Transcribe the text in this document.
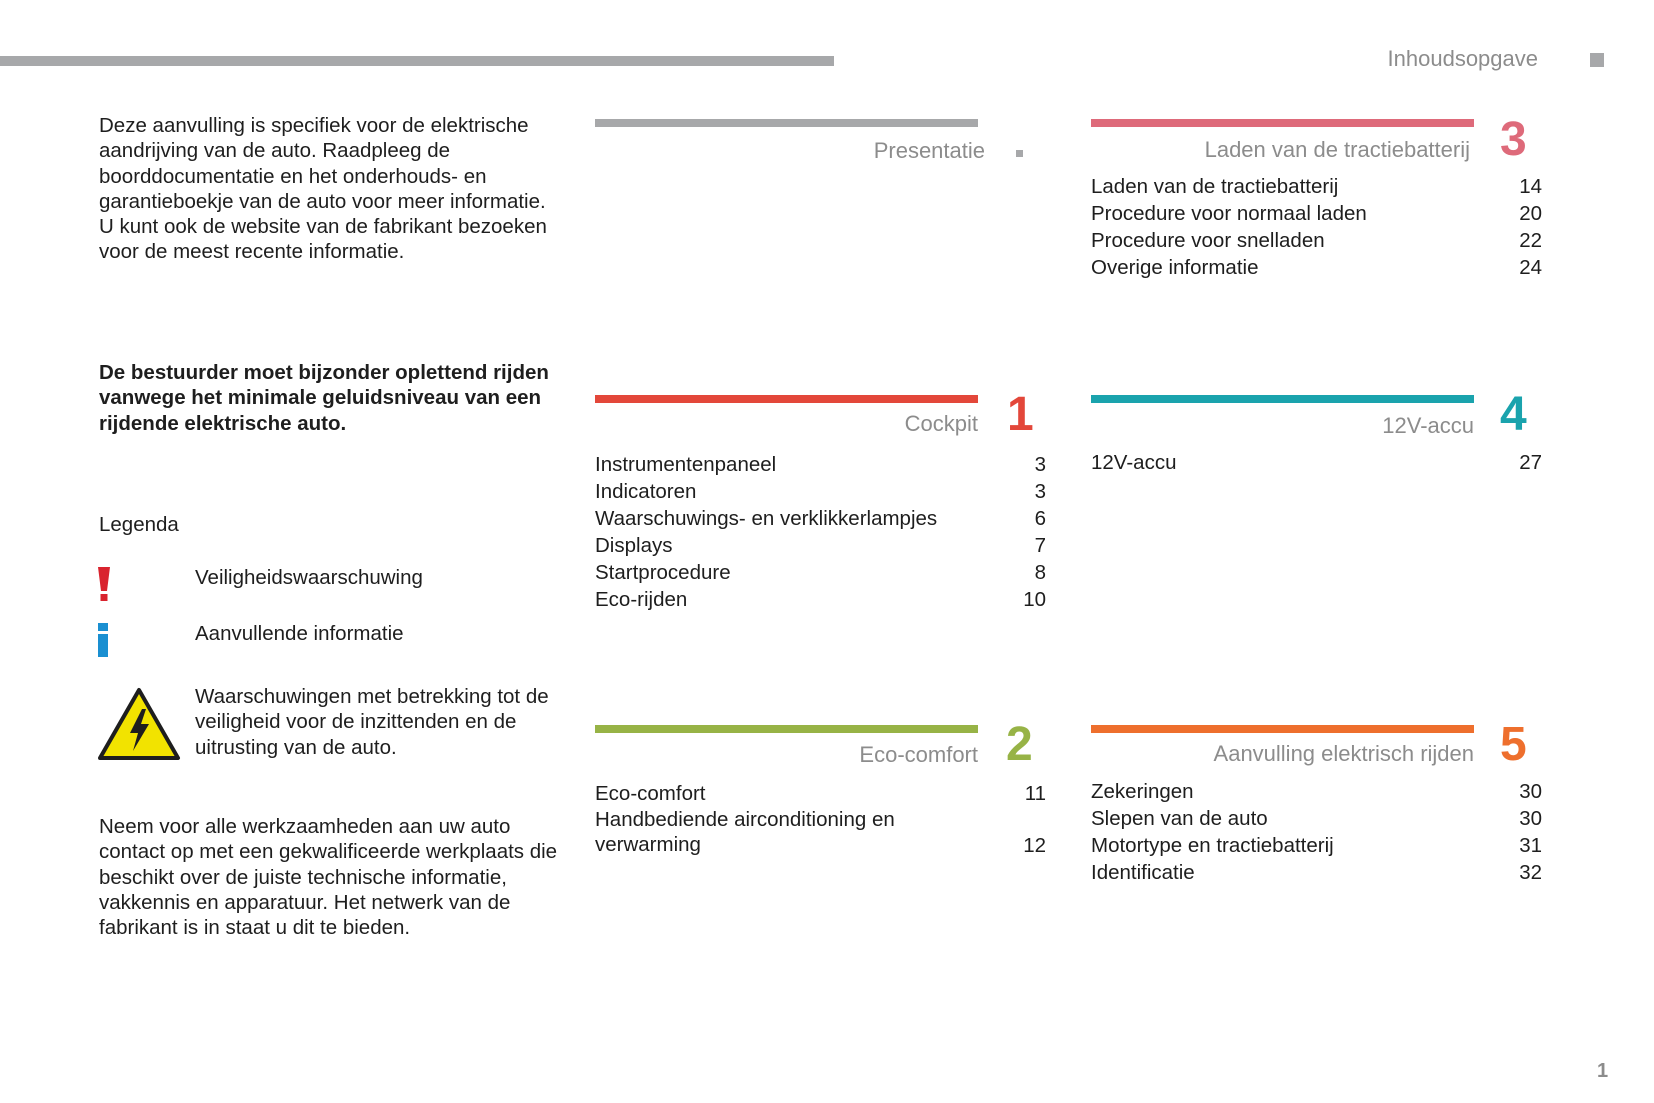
Inhoudsopgave
Deze aanvulling is specifiek voor de elektrische aandrijving van de auto. Raadpleeg de boorddocumentatie en het onderhouds- en garantieboekje van de auto voor meer informatie. U kunt ook de website van de fabrikant bezoeken voor de meest recente informatie.
De bestuurder moet bijzonder oplettend rijden vanwege het minimale geluidsniveau van een rijdende elektrische auto.
Legenda
Veiligheidswaarschuwing
Aanvullende informatie
Waarschuwingen met betrekking tot de veiligheid voor de inzittenden en de uitrusting van de auto.
Neem voor alle werkzaamheden aan uw auto contact op met een gekwalificeerde werkplaats die beschikt over de juiste technische informatie, vakkennis en apparatuur. Het netwerk van de fabrikant is in staat u dit te bieden.
Presentatie
Cockpit 1
Instrumentenpaneel	3
Indicatoren	3
Waarschuwings- en verklikkerlampjes	6
Displays	7
Startprocedure	8
Eco-rijden	10
Eco-comfort 2
Eco-comfort	11
Handbediende airconditioning en verwarming	12
Laden van de tractiebatterij 3
Laden van de tractiebatterij	14
Procedure voor normaal laden	20
Procedure voor snelladen	22
Overige informatie	24
12V-accu 4
12V-accu	27
Aanvulling elektrisch rijden 5
Zekeringen	30
Slepen van de auto	30
Motortype en tractiebatterij	31
Identificatie	32
1
